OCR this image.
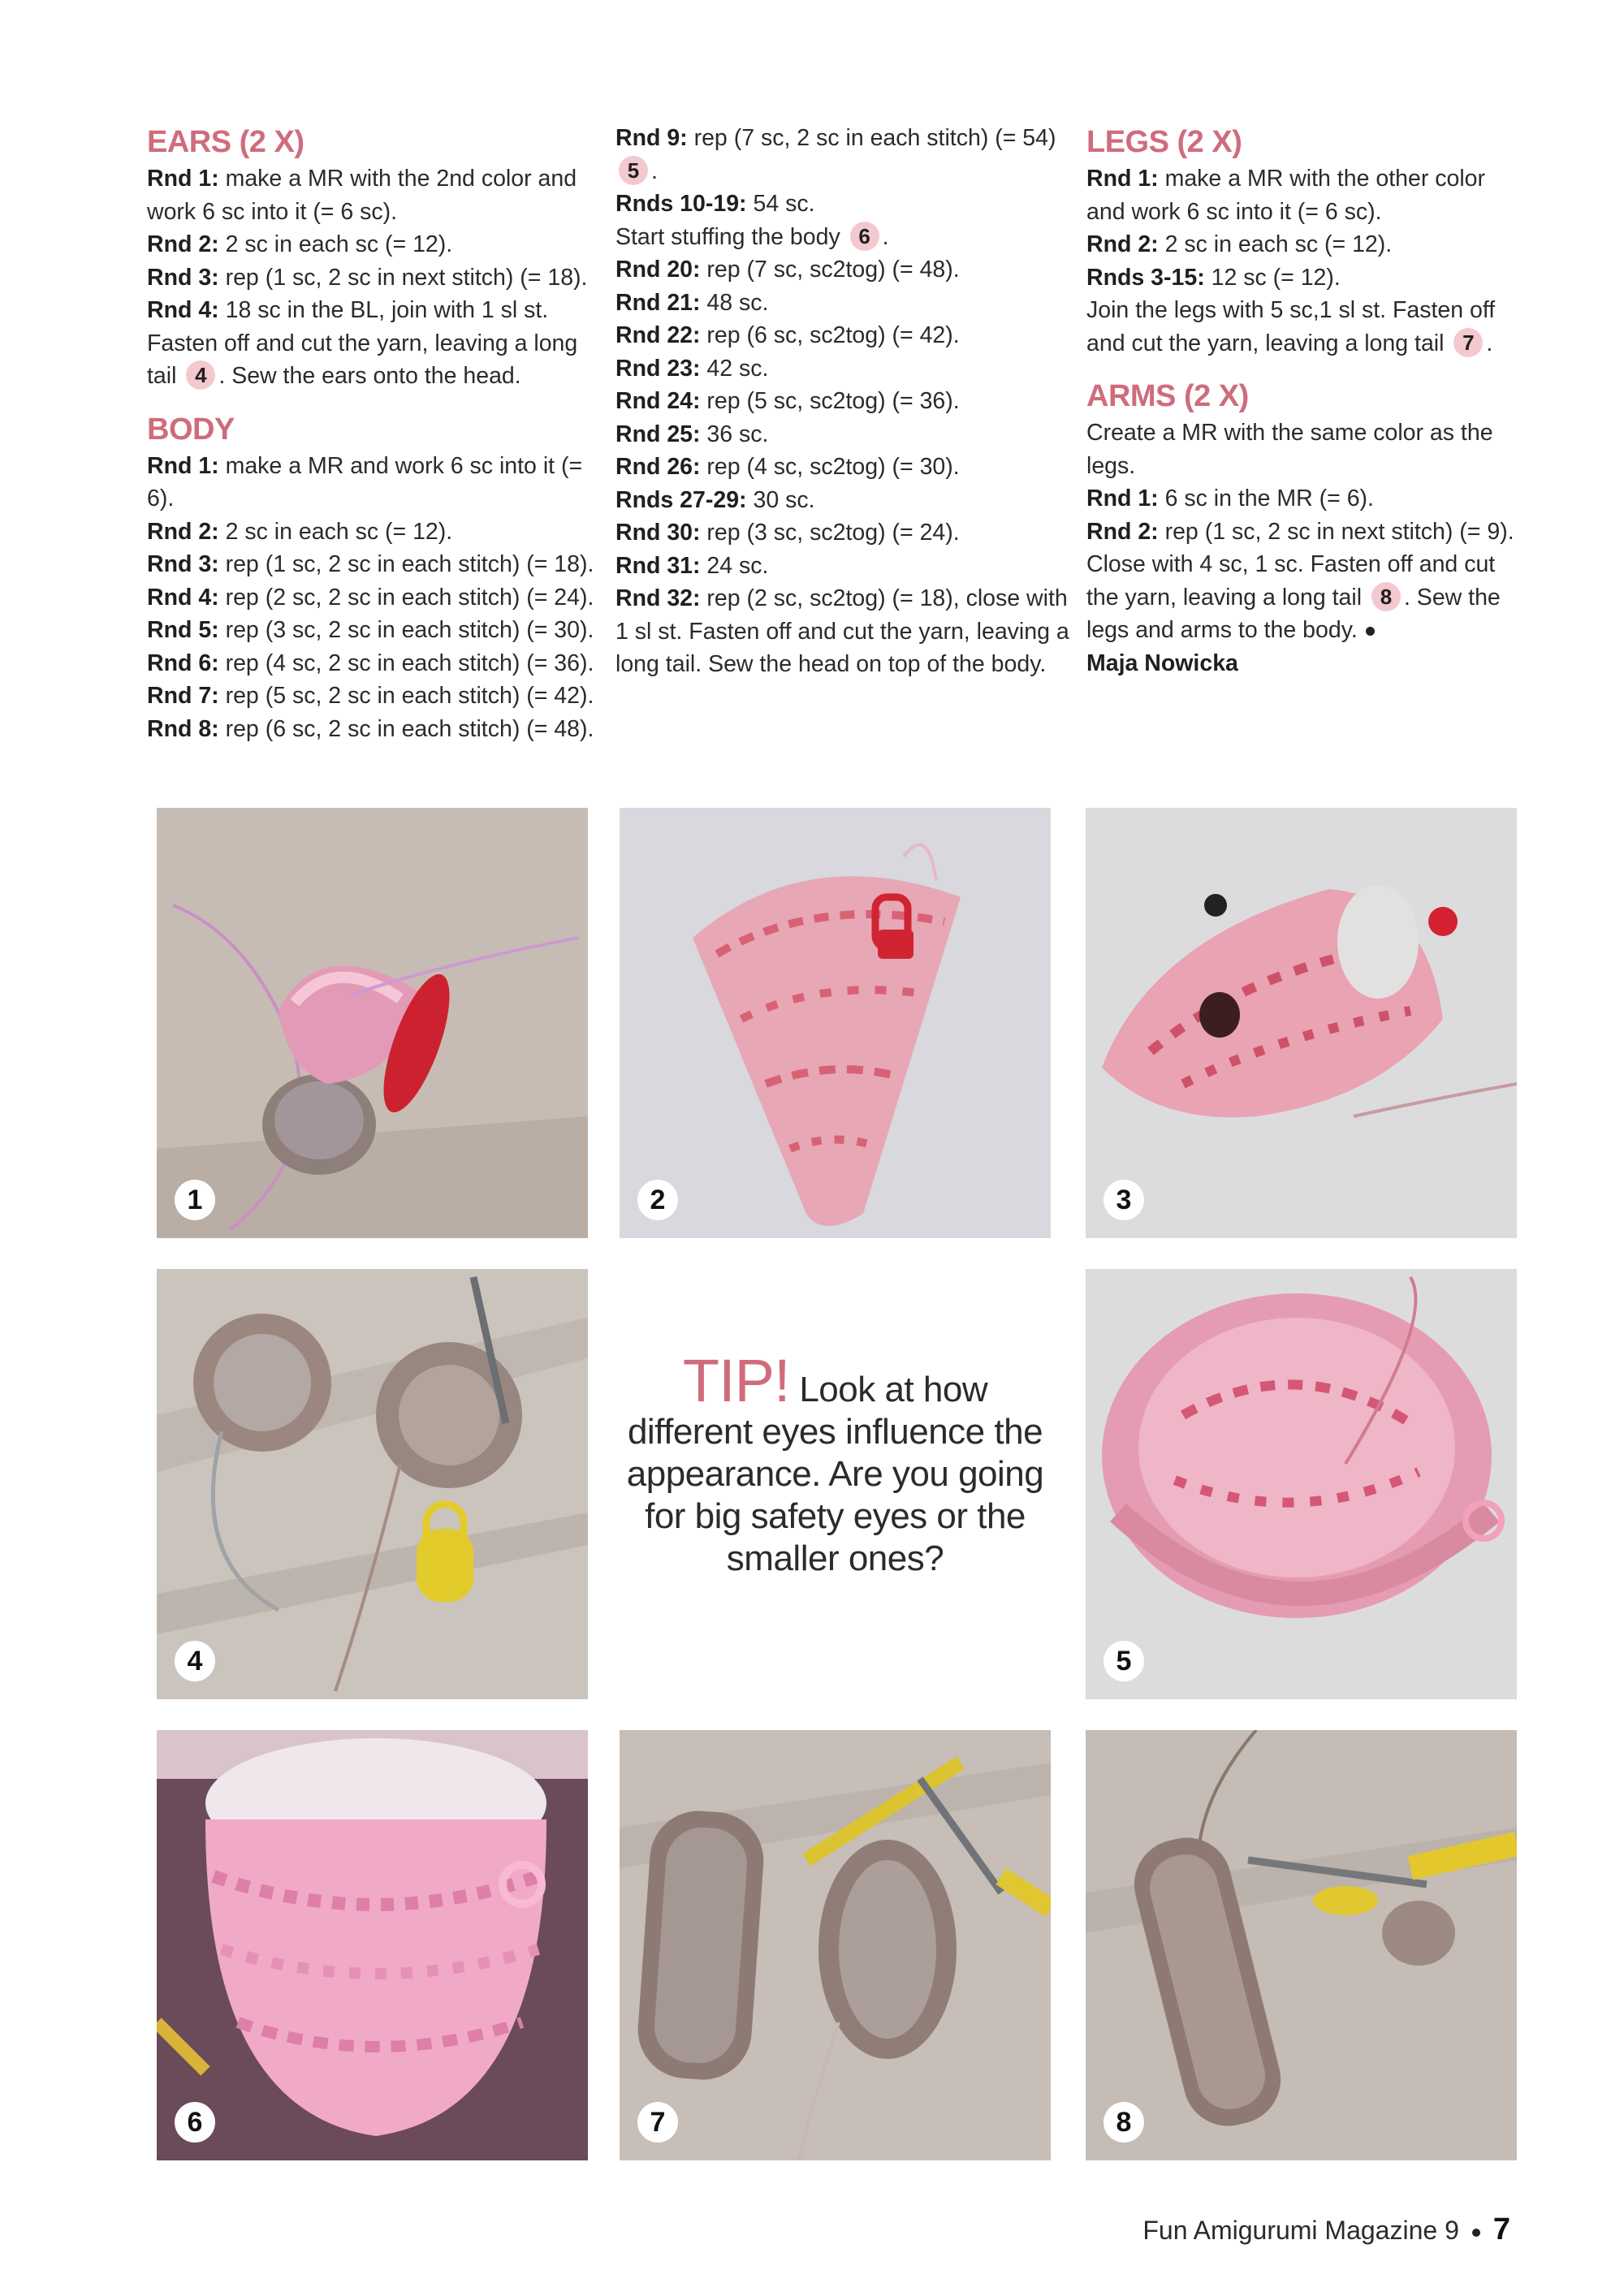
EARS (2 X)

Rnd 1: make a MR with the 2nd color and work 6 sc into it (= 6 sc).

Rnd 2: 2 sc in each sc (= 12).

Rnd 3: rep (1 sc, 2 sc in next stitch) (= 18).

Rnd 4: 18 sc in the BL, join with 1 sl st.

Fasten off and cut the yarn, leaving a long tail 4 . Sew the ears onto the head.

BODY

Rnd 1: make a MR and work 6 sc into it (= 6).

Rnd 2: 2 sc in each sc (= 12).

Rnd 3: rep (1 sc, 2 sc in each stitch) (= 18).

Rnd 4: rep (2 sc, 2 sc in each stitch) (= 24).

Rnd 5: rep (3 sc, 2 sc in each stitch) (= 30).

Rnd 6: rep (4 sc, 2 sc in each stitch) (= 36).

Rnd 7: rep (5 sc, 2 sc in each stitch) (= 42).

Rnd 8: rep (6 sc, 2 sc in each stitch) (= 48).

Rnd 9: rep (7 sc, 2 sc in each stitch) (= 54) 5 .

Rnds 10-19: 54 sc.

Start stuffing the body 6 .

Rnd 20: rep (7 sc, sc2tog) (= 48).

Rnd 21: 48 sc.

Rnd 22: rep (6 sc, sc2tog) (= 42).

Rnd 23: 42 sc.

Rnd 24: rep (5 sc, sc2tog) (= 36).

Rnd 25: 36 sc.

Rnd 26: rep (4 sc, sc2tog) (= 30).

Rnds 27-29: 30 sc.

Rnd 30: rep (3 sc, sc2tog) (= 24).

Rnd 31: 24 sc.

Rnd 32: rep (2 sc, sc2tog) (= 18), close with 1 sl st. Fasten off and cut the yarn, leaving a long tail. Sew the head on top of the body.

LEGS (2 X)

Rnd 1: make a MR with the other color and work 6 sc into it (= 6 sc).

Rnd 2: 2 sc in each sc (= 12).

Rnds 3-15: 12 sc (= 12).

Join the legs with 5 sc,1 sl st. Fasten off and cut the yarn, leaving a long tail 7 .

ARMS (2 X)

Create a MR with the same color as the legs.

Rnd 1: 6 sc in the MR (= 6).

Rnd 2: rep (1 sc, 2 sc in next stitch) (= 9).

Close with 4 sc, 1 sc. Fasten off and cut the yarn, leaving a long tail 8 . Sew the legs and arms to the body.

Maja Nowicka

1	2	3
4
TIP! Look at how different eyes influence the appearance. Are you going for big safety eyes or the smaller ones?
5
6	7	8
Fun Amigurumi Magazine 9 7
